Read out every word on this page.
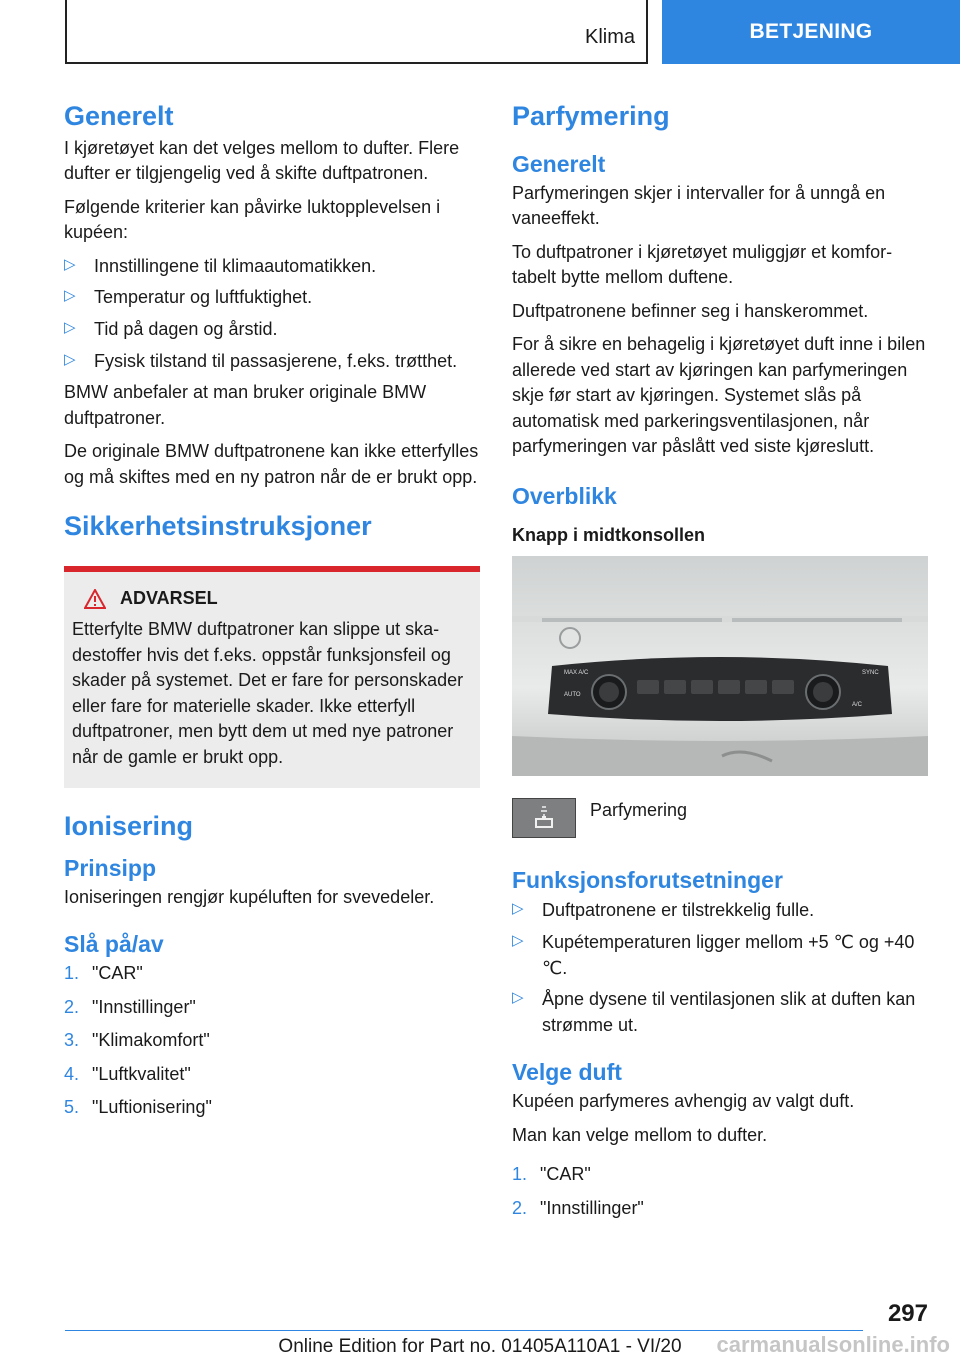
Klima	BETJENING
Generelt

I kjøretøyet kan det velges mellom to dufter. Flere dufter er tilgjengelig ved å skifte duftpatronen.

Følgende kriterier kan påvirke luktopplevelsen i kupéen:

▷ Innstillingene til klimaautomatikken.
▷ Temperatur og luftfuktighet.
▷ Tid på dagen og årstid.
▷ Fysisk tilstand til passasjerene, f.eks. trøtthet.

BMW anbefaler at man bruker originale BMW duftpatroner.

De originale BMW duftpatronene kan ikke etterfylles og må skiftes med en ny patron når de er brukt opp.

Sikkerhetsinstruksjoner
ADVARSEL

Etterfylte BMW duftpatroner kan slippe ut skadestoffer hvis det f.eks. oppstår funksjonsfeil og skader på systemet. Det er fare for personskader eller fare for materielle skader. Ikke etterfyll duftpatroner, men bytt dem ut med nye patroner når de gamle er brukt opp.

Ionisering
Prinsipp

Ioniseringen rengjør kupéluften for svevedeler.

Slå på/av
1. "CAR"
2. "Innstillinger"
3. "Klimakomfort"
4. "Luftkvalitet"
5. "Luftionisering"
Parfymering
Generelt

Parfymeringen skjer i intervaller for å unngå en vaneeffekt.

To duftpatroner i kjøretøyet muliggjør et komfortabelt bytte mellom duftene.

Duftpatronene befinner seg i hanskerommet.

For å sikre en behagelig i kjøretøyet duft inne i bilen allerede ved start av kjøringen kan parfymeringen skje før start av kjøringen. Systemet slås på automatisk med parkeringsventilasjonen, når parfymeringen var påslått ved siste kjøreslutt.

Overblikk
Knapp i midtkonsollen
MAX A/C
AUTO
SYNC
A/C

Parfymering

Funksjonsforutsetninger
▷ Duftpatronene er tilstrekkelig fulle.
▷ Kupétemperaturen ligger mellom +5 ℃ og +40 ℃.
▷ Åpne dysene til ventilasjonen slik at duften kan strømme ut.
Velge duft

Kupéen parfymeres avhengig av valgt duft.

Man kan velge mellom to dufter.

1. "CAR"
2. "Innstillinger"
297
Online Edition for Part no. 01405A110A1 - VI/20	carmanualsonline.info
